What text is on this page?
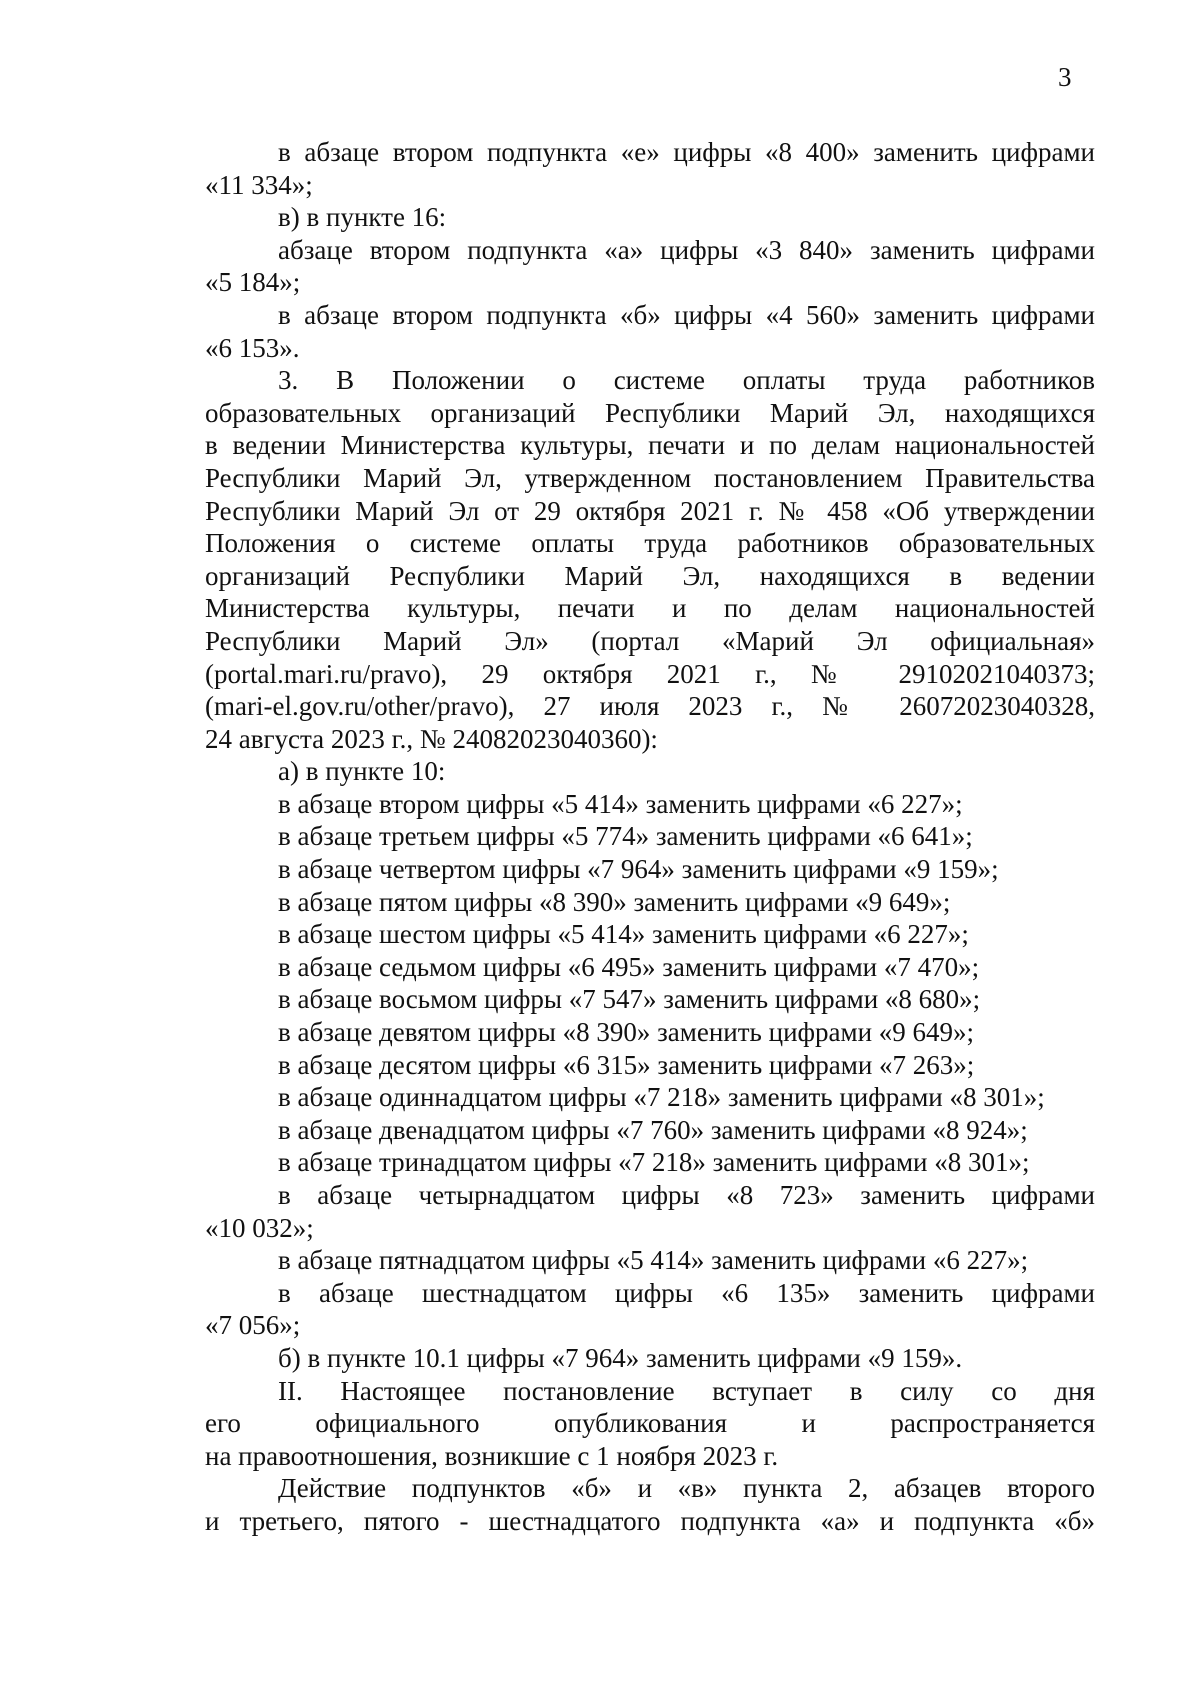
3
в абзаце втором подпункта «е» цифры «8 400» заменить цифрами
«11 334»;
в) в пункте 16:
абзаце втором подпункта «а» цифры «3 840» заменить цифрами
«5 184»;
в абзаце втором подпункта «б» цифры «4 560» заменить цифрами
«6 153».
3. В Положении о системе оплаты труда работников
образовательных организаций Республики Марий Эл, находящихся
в ведении Министерства культуры, печати и по делам национальностей
Республики Марий Эл, утвержденном постановлением Правительства
Республики Марий Эл от 29 октября 2021 г. № 458 «Об утверждении
Положения о системе оплаты труда работников образовательных
организаций Республики Марий Эл, находящихся в ведении
Министерства культуры, печати и по делам национальностей
Республики Марий Эл» (портал «Марий Эл официальная»
(portal.mari.ru/pravo), 29 октября 2021 г., № 29102021040373;
(mari-el.gov.ru/other/pravo), 27 июля 2023 г., № 26072023040328,
24 августа 2023 г., № 24082023040360):
а) в пункте 10:
в абзаце втором цифры «5 414» заменить цифрами «6 227»;
в абзаце третьем цифры «5 774» заменить цифрами «6 641»;
в абзаце четвертом цифры «7 964» заменить цифрами «9 159»;
в абзаце пятом цифры «8 390» заменить цифрами «9 649»;
в абзаце шестом цифры «5 414» заменить цифрами «6 227»;
в абзаце седьмом цифры «6 495» заменить цифрами «7 470»;
в абзаце восьмом цифры «7 547» заменить цифрами «8 680»;
в абзаце девятом цифры «8 390» заменить цифрами «9 649»;
в абзаце десятом цифры «6 315» заменить цифрами «7 263»;
в абзаце одиннадцатом цифры «7 218» заменить цифрами «8 301»;
в абзаце двенадцатом цифры «7 760» заменить цифрами «8 924»;
в абзаце тринадцатом цифры «7 218» заменить цифрами «8 301»;
в абзаце четырнадцатом цифры «8 723» заменить цифрами
«10 032»;
в абзаце пятнадцатом цифры «5 414» заменить цифрами «6 227»;
в абзаце шестнадцатом цифры «6 135» заменить цифрами
«7 056»;
б) в пункте 10.1 цифры «7 964» заменить цифрами «9 159».
II. Настоящее постановление вступает в силу со дня
его официального опубликования и распространяется
на правоотношения, возникшие с 1 ноября 2023 г.
Действие подпунктов «б» и «в» пункта 2, абзацев второго
и третьего, пятого - шестнадцатого подпункта «а» и подпункта «б»
